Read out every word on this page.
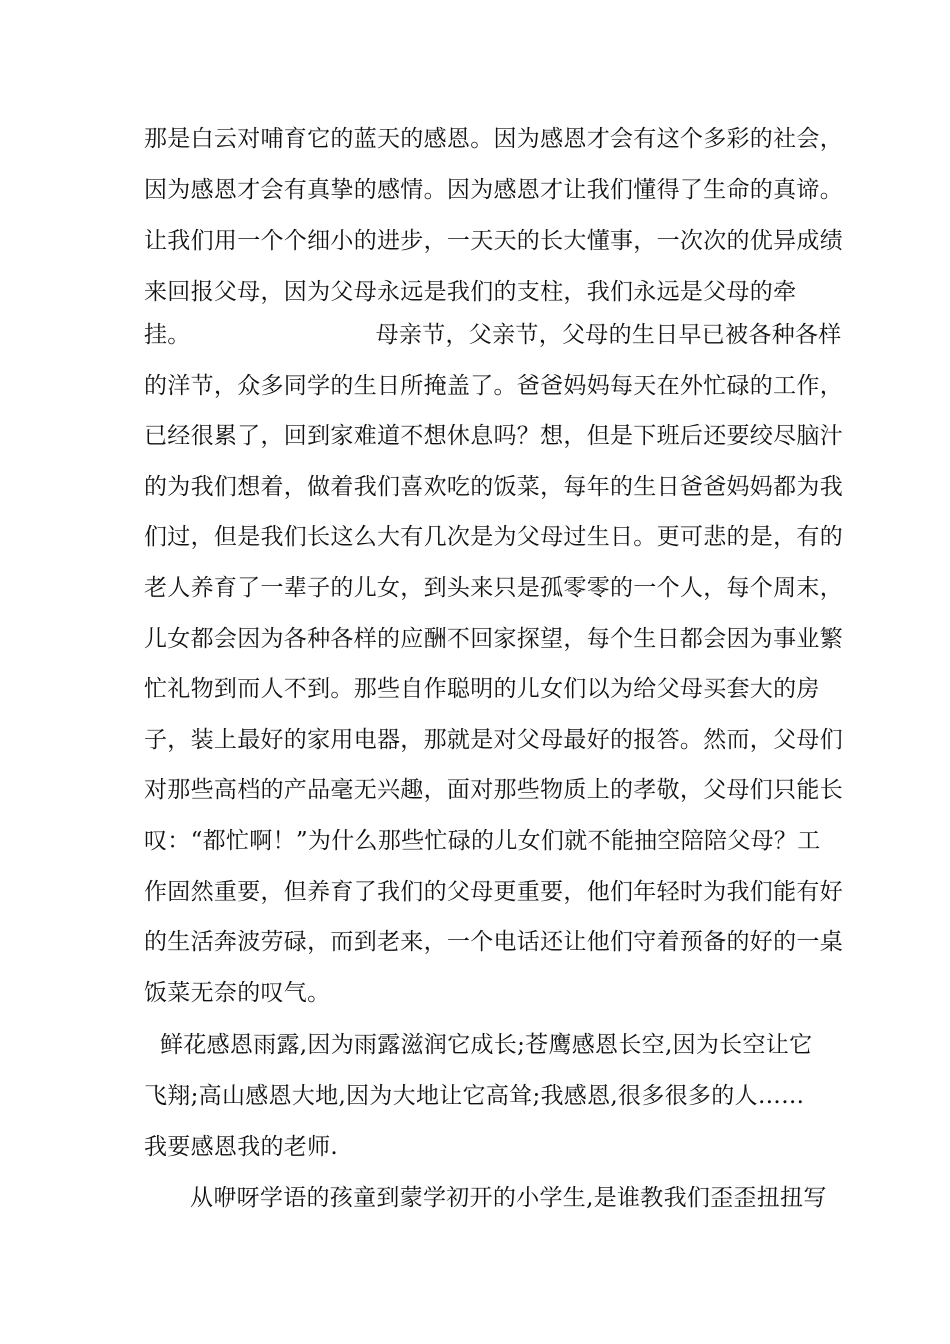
那是白云对哺育它的蓝天的感恩。因为感恩才会有这个多彩的社会，
因为感恩才会有真挚的感情。因为感恩才让我们懂得了生命的真谛。
让我们用一个个细小的进步，一天天的长大懂事，一次次的优异成绩
来回报父母，因为父母永远是我们的支柱，我们永远是父母的牵
挂。	母亲节，父亲节，父母的生日早已被各种各样
的洋节，众多同学的生日所掩盖了。爸爸妈妈每天在外忙碌的工作，
已经很累了，回到家难道不想休息吗？想，但是下班后还要绞尽脑汁
的为我们想着，做着我们喜欢吃的饭菜，每年的生日爸爸妈妈都为我
们过，但是我们长这么大有几次是为父母过生日。更可悲的是，有的
老人养育了一辈子的儿女，到头来只是孤零零的一个人，每个周末，
儿女都会因为各种各样的应酬不回家探望，每个生日都会因为事业繁
忙礼物到而人不到。那些自作聪明的儿女们以为给父母买套大的房
子，装上最好的家用电器，那就是对父母最好的报答。然而，父母们
对那些高档的产品毫无兴趣，面对那些物质上的孝敬，父母们只能长
叹：“都忙啊！”为什么那些忙碌的儿女们就不能抽空陪陪父母？工
作固然重要，但养育了我们的父母更重要，他们年轻时为我们能有好
的生活奔波劳碌，而到老来，一个电话还让他们守着预备的好的一桌
饭菜无奈的叹气。
鲜花感恩雨露,因为雨露滋润它成长;苍鹰感恩长空,因为长空让它
飞翔;高山感恩大地,因为大地让它高耸;我感恩,很多很多的人……
我要感恩我的老师.
从咿呀学语的孩童到蒙学初开的小学生,是谁教我们歪歪扭扭写
